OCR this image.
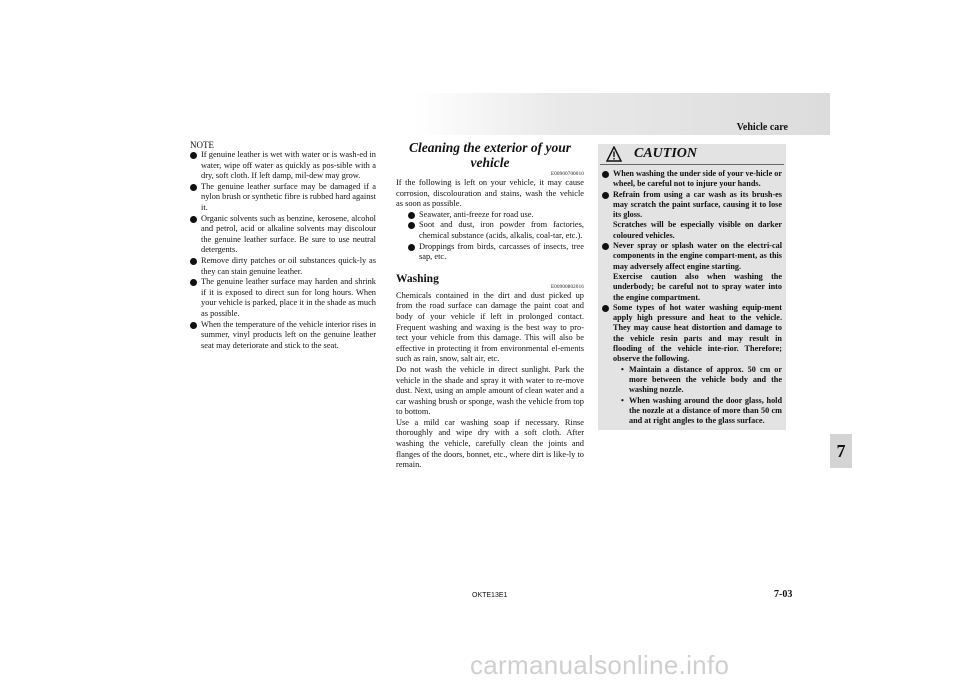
Vehicle care
7
NOTE
If genuine leather is wet with water or is wash-ed in water, wipe off water as quickly as pos-sible with a dry, soft cloth. If left damp, mil-dew may grow.
The genuine leather surface may be damaged if a nylon brush or synthetic fibre is rubbed hard against it.
Organic solvents such as benzine, kerosene, alcohol and petrol, acid or alkaline solvents may discolour the genuine leather surface. Be sure to use neutral detergents.
Remove dirty patches or oil substances quick-ly as they can stain genuine leather.
The genuine leather surface may harden and shrink if it is exposed to direct sun for long hours. When your vehicle is parked, place it in the shade as much as possible.
When the temperature of the vehicle interior rises in summer, vinyl products left on the genuine leather seat may deteriorate and stick to the seat.
Cleaning the exterior of your vehicle
E00900700010
If the following is left on your vehicle, it may cause corrosion, discolouration and stains, wash the vehicle as soon as possible.
Seawater, anti-freeze for road use.
Soot and dust, iron powder from factories, chemical substance (acids, alkalis, coal-tar, etc.).
Droppings from birds, carcasses of insects, tree sap, etc.
Washing
E00900802016
Chemicals contained in the dirt and dust picked up from the road surface can damage the paint coat and body of your vehicle if left in prolonged contact. Frequent washing and waxing is the best way to pro-tect your vehicle from this damage. This will also be effective in protecting it from environmental el-ements such as rain, snow, salt air, etc.
Do not wash the vehicle in direct sunlight. Park the vehicle in the shade and spray it with water to re-move dust. Next, using an ample amount of clean water and a car washing brush or sponge, wash the vehicle from top to bottom.
Use a mild car washing soap if necessary. Rinse thoroughly and wipe dry with a soft cloth. After washing the vehicle, carefully clean the joints and flanges of the doors, bonnet, etc., where dirt is like-ly to remain.
CAUTION
When washing the under side of your ve-hicle or wheel, be careful not to injure your hands.
Refrain from using a car wash as its brush-es may scratch the paint surface, causing it to lose its gloss.
Scratches will be especially visible on darker coloured vehicles.
Never spray or splash water on the electri-cal components in the engine compart-ment, as this may adversely affect engine starting.
Exercise caution also when washing the underbody; be careful not to spray water into the engine compartment.
Some types of hot water washing equip-ment apply high pressure and heat to the vehicle. They may cause heat distortion and damage to the vehicle resin parts and may result in flooding of the vehicle inte-rior. Therefore; observe the following.
• Maintain a distance of approx. 50 cm or more between the vehicle body and the washing nozzle.
• When washing around the door glass, hold the nozzle at a distance of more than 50 cm and at right angles to the glass surface.
OKTE13E1	7-03
carmanualsonline.info
